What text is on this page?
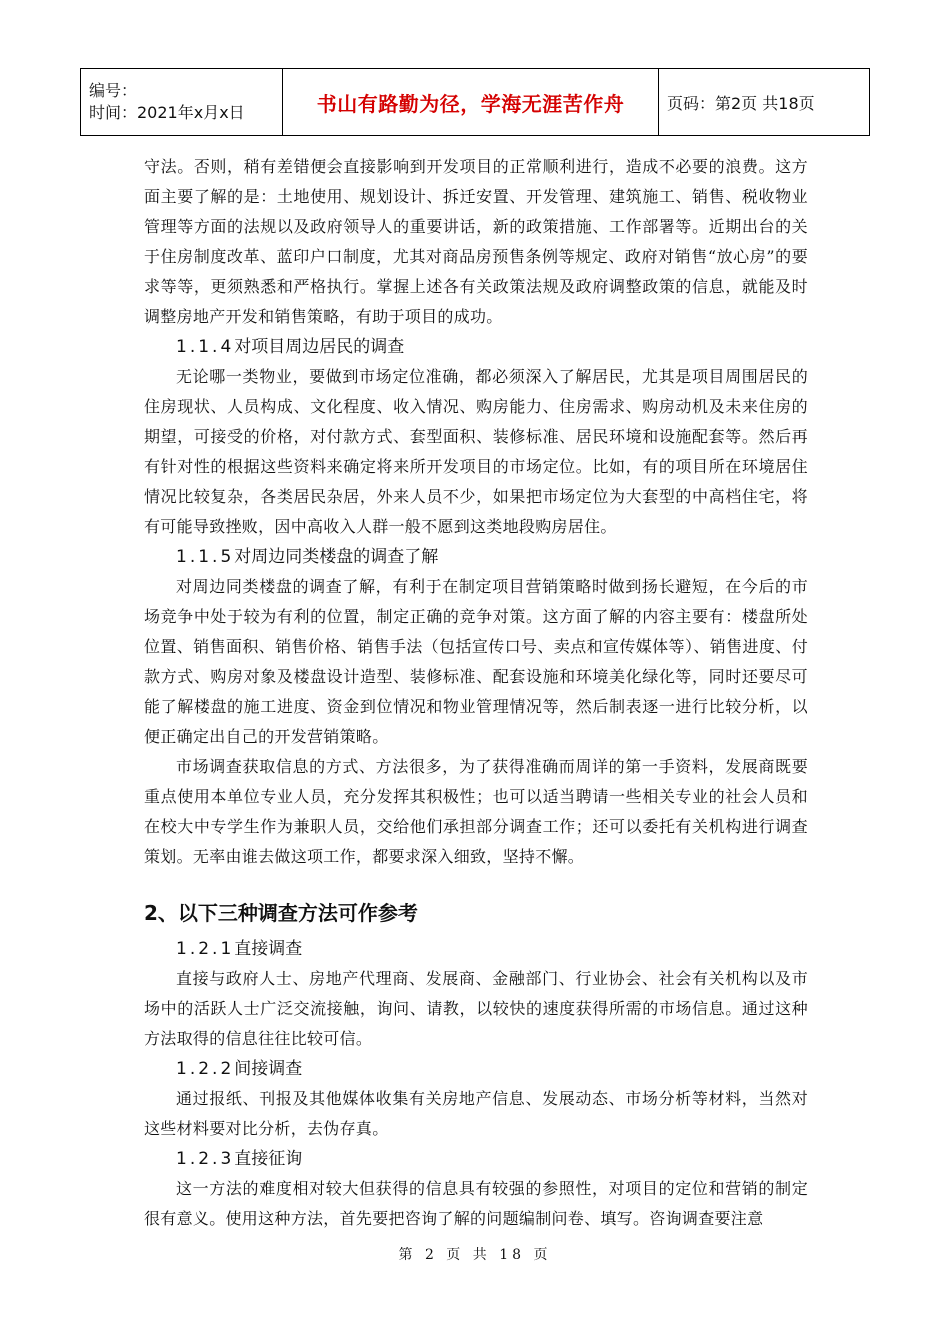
编号：
时间：2021年x月x日	书山有路勤为径，学海无涯苦作舟	页码：第2页 共18页

守法。否则，稍有差错便会直接影响到开发项目的正常顺利进行，造成不必要的浪费。这方面主要了解的是：土地使用、规划设计、拆迁安置、开发管理、建筑施工、销售、税收物业管理等方面的法规以及政府领导人的重要讲话，新的政策措施、工作部署等。近期出台的关于住房制度改革、蓝印户口制度，尤其对商品房预售条例等规定、政府对销售“放心房”的要求等等，更须熟悉和严格执行。掌握上述各有关政策法规及政府调整政策的信息，就能及时调整房地产开发和销售策略，有助于项目的成功。

1.1.4对项目周边居民的调查

无论哪一类物业，要做到市场定位准确，都必须深入了解居民，尤其是项目周围居民的住房现状、人员构成、文化程度、收入情况、购房能力、住房需求、购房动机及未来住房的期望，可接受的价格，对付款方式、套型面积、装修标准、居民环境和设施配套等。然后再有针对性的根据这些资料来确定将来所开发项目的市场定位。比如，有的项目所在环境居住情况比较复杂，各类居民杂居，外来人员不少，如果把市场定位为大套型的中高档住宅，将有可能导致挫败，因中高收入人群一般不愿到这类地段购房居住。

1.1.5对周边同类楼盘的调查了解

对周边同类楼盘的调查了解，有利于在制定项目营销策略时做到扬长避短，在今后的市场竞争中处于较为有利的位置，制定正确的竞争对策。这方面了解的内容主要有：楼盘所处位置、销售面积、销售价格、销售手法（包括宣传口号、卖点和宣传媒体等）、销售进度、付款方式、购房对象及楼盘设计造型、装修标准、配套设施和环境美化绿化等，同时还要尽可能了解楼盘的施工进度、资金到位情况和物业管理情况等，然后制表逐一进行比较分析，以便正确定出自己的开发营销策略。

市场调查获取信息的方式、方法很多，为了获得准确而周详的第一手资料，发展商既要重点使用本单位专业人员，充分发挥其积极性；也可以适当聘请一些相关专业的社会人员和在校大中专学生作为兼职人员，交给他们承担部分调查工作；还可以委托有关机构进行调查策划。无率由谁去做这项工作，都要求深入细致，坚持不懈。

2、以下三种调查方法可作参考

1.2.1直接调查

直接与政府人士、房地产代理商、发展商、金融部门、行业协会、社会有关机构以及市场中的活跃人士广泛交流接触，询问、请教，以较快的速度获得所需的市场信息。通过这种方法取得的信息往往比较可信。

1.2.2间接调查

通过报纸、刊报及其他媒体收集有关房地产信息、发展动态、市场分析等材料，当然对这些材料要对比分析，去伪存真。

1.2.3直接征询

这一方法的难度相对较大但获得的信息具有较强的参照性，对项目的定位和营销的制定很有意义。使用这种方法，首先要把咨询了解的问题编制问卷、填写。咨询调查要注意

第 2 页 共 18 页
